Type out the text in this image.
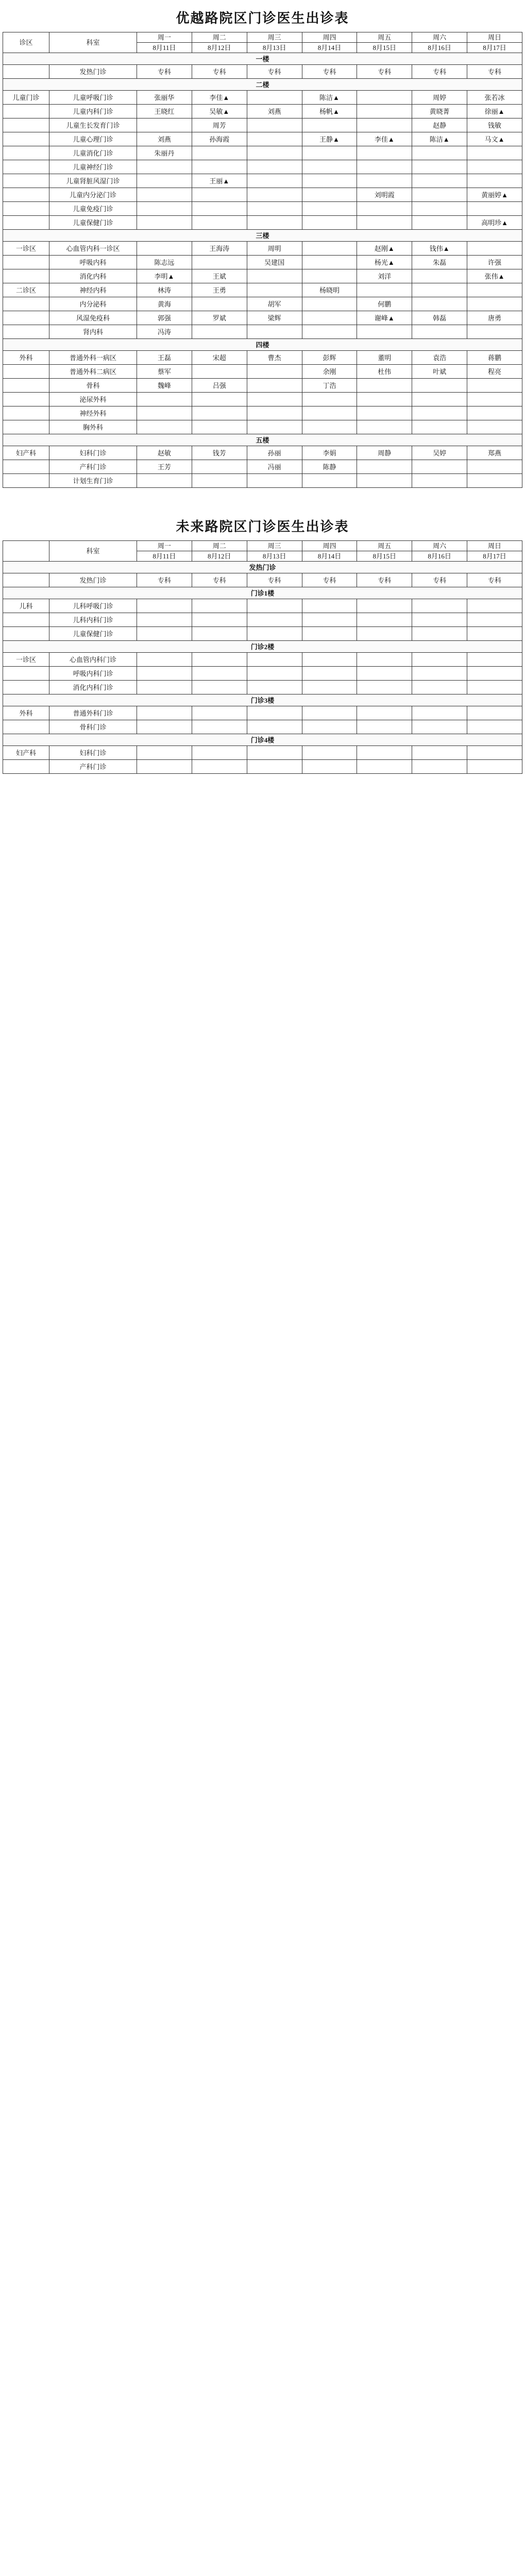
优越路院区门诊医生出诊表
诊区	科室	周一	周二	周三	周四	周五	周六	周日
		8月11日	8月12日	8月13日	8月14日	8月15日	8月16日	8月17日
一楼								
	发热门诊	专科	专科	专科	专科	专科	专科	专科
二楼								
儿童门诊	儿童呼吸门诊	张丽华	李佳▲		陈洁▲		周婷	张若冰
	儿童内科门诊	王晓红	吴敏▲	刘燕	杨帆▲		黄晓菁	徐丽▲
	儿童生长发育门诊		周芳				赵静	钱敏
	儿童心理门诊	刘燕	孙海霞		王静▲	李佳▲	陈洁▲	马文▲
	儿童消化门诊	朱丽丹						
	儿童神经门诊							
	儿童肾脏风湿门诊		王丽▲					
	儿童内分泌门诊					刘明霞		黄丽婷▲
	儿童免疫门诊							
	儿童保健门诊							高明珍▲
三楼								
一诊区	心血管内科一诊区		王海涛	周明		赵刚▲	钱伟▲	
	呼吸内科	陈志远		吴建国		杨光▲	朱磊	许强
	消化内科	李明▲	王斌			刘洋		张伟▲
二诊区	神经内科	林涛	王勇		杨晓明			
	内分泌科	黄海		胡军		何鹏		
	风湿免疫科	郭强	罗斌	梁辉		谢峰▲	韩磊	唐勇
	肾内科	冯涛						
四楼								
外科	普通外科一病区	王磊	宋超	曹杰	彭辉	董明	袁浩	蒋鹏
	普通外科二病区	蔡军			余刚	杜伟	叶斌	程亮
	骨科	魏峰	吕强		丁浩			
	泌尿外科							
	神经外科							
	胸外科							
五楼								
妇产科	妇科门诊	赵敏	钱芳	孙丽	李娟	周静	吴婷	郑燕
	产科门诊	王芳		冯丽	陈静			
	计划生育门诊							
未来路院区门诊医生出诊表
	科室	周一	周二	周三	周四	周五	周六	周日
		8月11日	8月12日	8月13日	8月14日	8月15日	8月16日	8月17日
发热门诊								
	发热门诊	专科	专科	专科	专科	专科	专科	专科
门诊1楼								
儿科	儿科呼吸门诊							
	儿科内科门诊							
	儿童保健门诊							
门诊2楼								
一诊区	心血管内科门诊							
	呼吸内科门诊							
	消化内科门诊							
门诊3楼								
外科	普通外科门诊							
	骨科门诊							
门诊4楼								
妇产科	妇科门诊							
	产科门诊							
